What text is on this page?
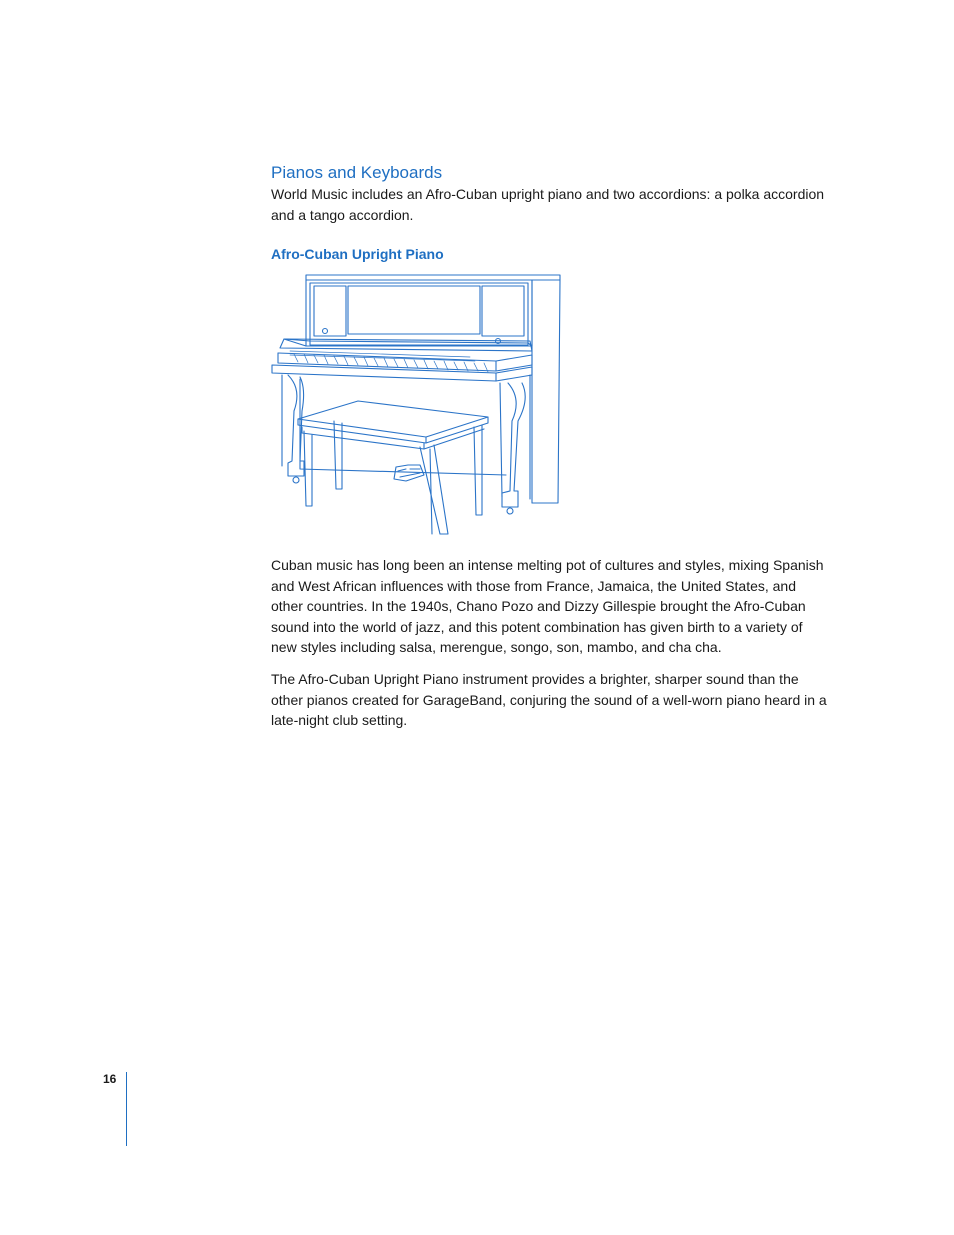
Pianos and Keyboards

World Music includes an Afro-Cuban upright piano and two accordions: a polka accordion and a tango accordion.

Afro-Cuban Upright Piano

Cuban music has long been an intense melting pot of cultures and styles, mixing Spanish and West African influences with those from France, Jamaica, the United States, and other countries. In the 1940s, Chano Pozo and Dizzy Gillespie brought the Afro-Cuban sound into the world of jazz, and this potent combination has given birth to a variety of new styles including salsa, merengue, songo, son, mambo, and cha cha.

The Afro-Cuban Upright Piano instrument provides a brighter, sharper sound than the other pianos created for GarageBand, conjuring the sound of a well-worn piano heard in a late-night club setting.

16
